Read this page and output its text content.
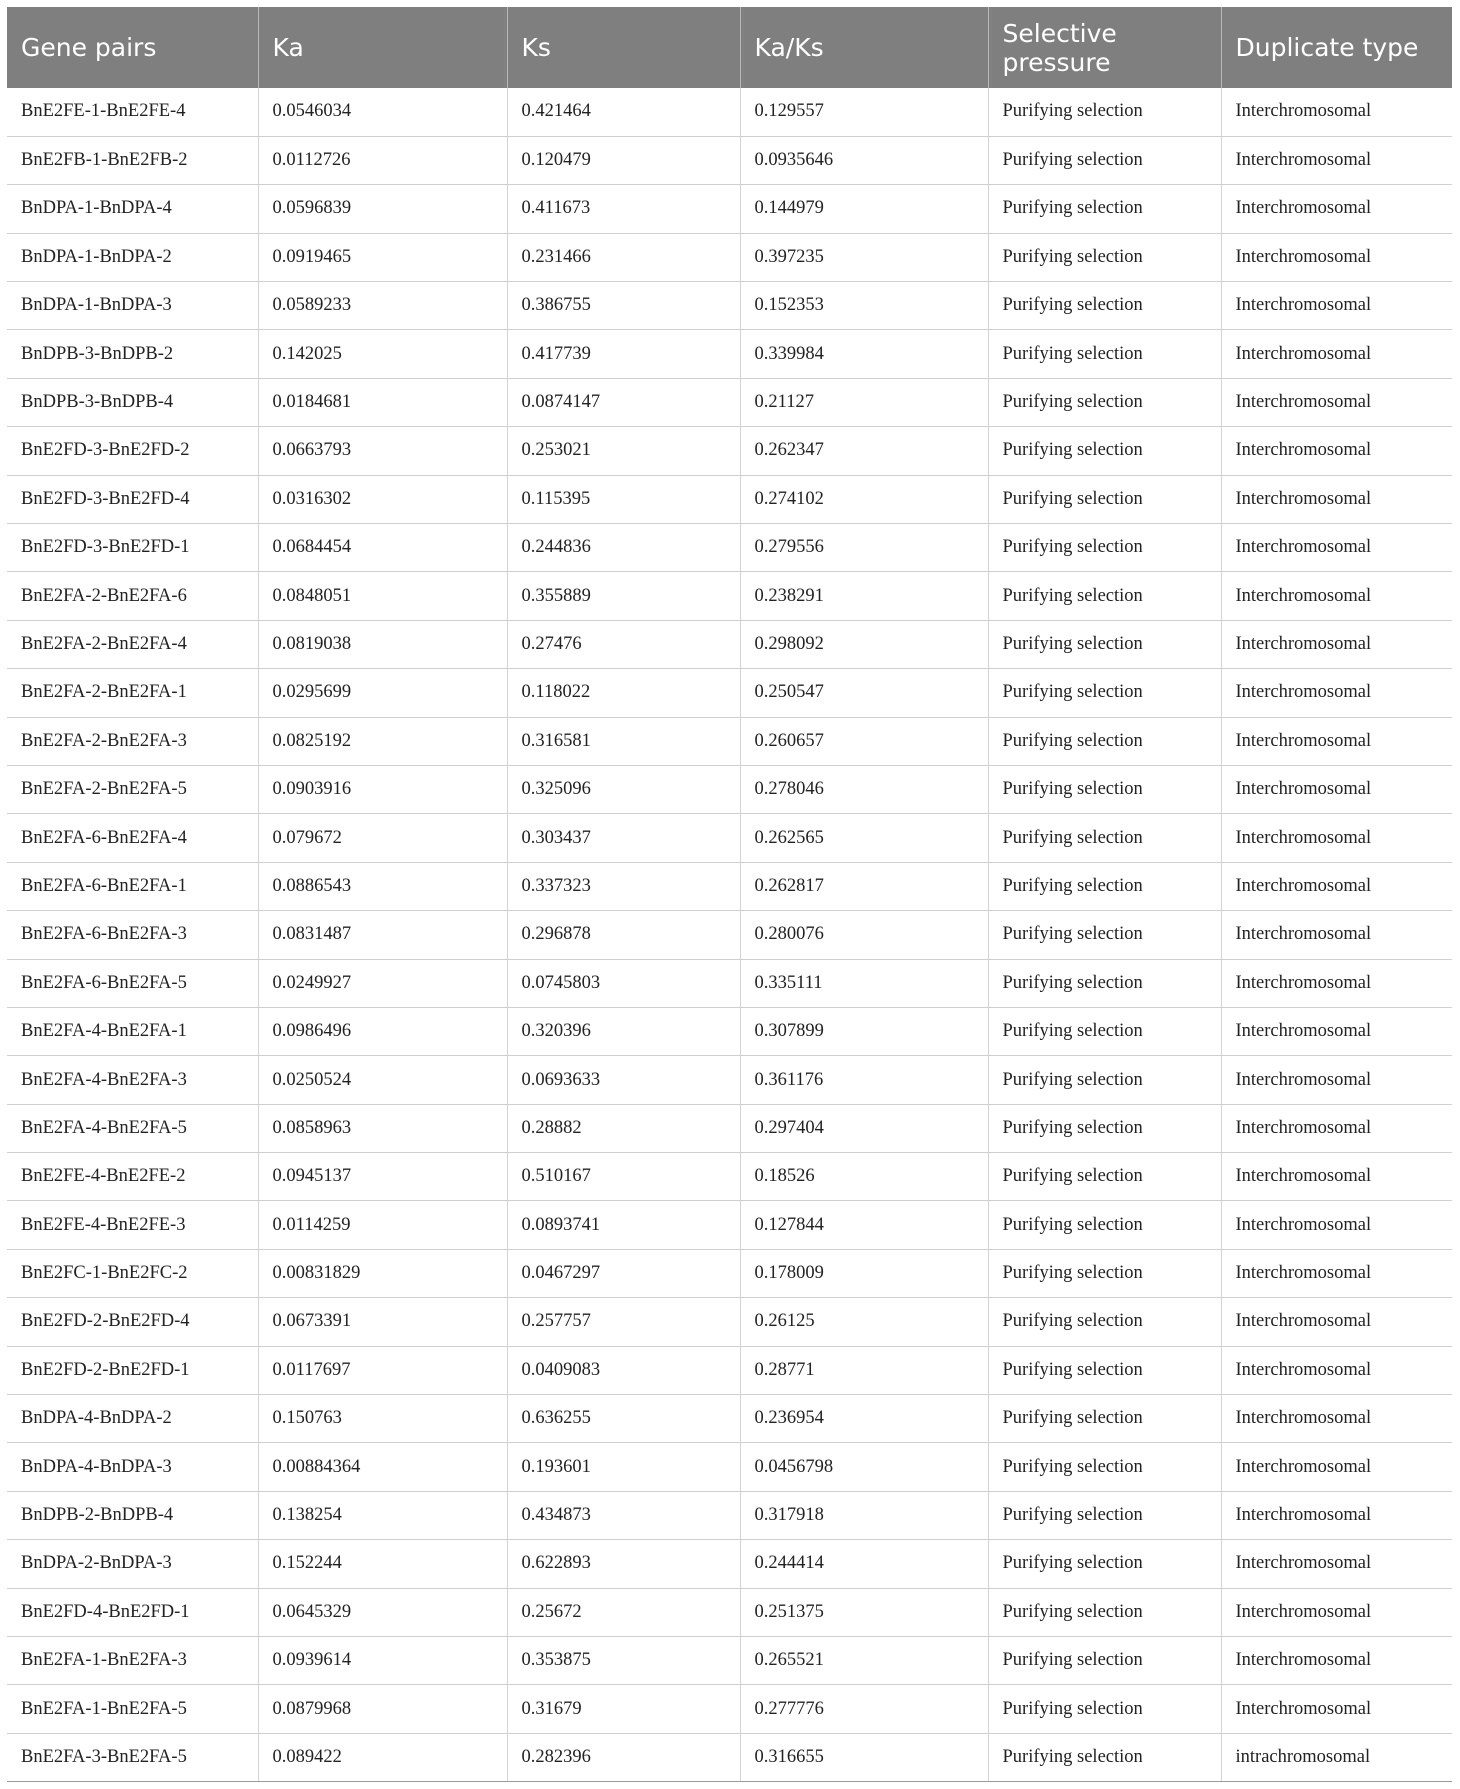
Gene pairs	Ka	Ks	Ka/Ks	Selective pressure	Duplicate type
BnE2FE-1-BnE2FE-4	0.0546034	0.421464	0.129557	Purifying selection	Interchromosomal
BnE2FB-1-BnE2FB-2	0.0112726	0.120479	0.0935646	Purifying selection	Interchromosomal
BnDPA-1-BnDPA-4	0.0596839	0.411673	0.144979	Purifying selection	Interchromosomal
BnDPA-1-BnDPA-2	0.0919465	0.231466	0.397235	Purifying selection	Interchromosomal
BnDPA-1-BnDPA-3	0.0589233	0.386755	0.152353	Purifying selection	Interchromosomal
BnDPB-3-BnDPB-2	0.142025	0.417739	0.339984	Purifying selection	Interchromosomal
BnDPB-3-BnDPB-4	0.0184681	0.0874147	0.21127	Purifying selection	Interchromosomal
BnE2FD-3-BnE2FD-2	0.0663793	0.253021	0.262347	Purifying selection	Interchromosomal
BnE2FD-3-BnE2FD-4	0.0316302	0.115395	0.274102	Purifying selection	Interchromosomal
BnE2FD-3-BnE2FD-1	0.0684454	0.244836	0.279556	Purifying selection	Interchromosomal
BnE2FA-2-BnE2FA-6	0.0848051	0.355889	0.238291	Purifying selection	Interchromosomal
BnE2FA-2-BnE2FA-4	0.0819038	0.27476	0.298092	Purifying selection	Interchromosomal
BnE2FA-2-BnE2FA-1	0.0295699	0.118022	0.250547	Purifying selection	Interchromosomal
BnE2FA-2-BnE2FA-3	0.0825192	0.316581	0.260657	Purifying selection	Interchromosomal
BnE2FA-2-BnE2FA-5	0.0903916	0.325096	0.278046	Purifying selection	Interchromosomal
BnE2FA-6-BnE2FA-4	0.079672	0.303437	0.262565	Purifying selection	Interchromosomal
BnE2FA-6-BnE2FA-1	0.0886543	0.337323	0.262817	Purifying selection	Interchromosomal
BnE2FA-6-BnE2FA-3	0.0831487	0.296878	0.280076	Purifying selection	Interchromosomal
BnE2FA-6-BnE2FA-5	0.0249927	0.0745803	0.335111	Purifying selection	Interchromosomal
BnE2FA-4-BnE2FA-1	0.0986496	0.320396	0.307899	Purifying selection	Interchromosomal
BnE2FA-4-BnE2FA-3	0.0250524	0.0693633	0.361176	Purifying selection	Interchromosomal
BnE2FA-4-BnE2FA-5	0.0858963	0.28882	0.297404	Purifying selection	Interchromosomal
BnE2FE-4-BnE2FE-2	0.0945137	0.510167	0.18526	Purifying selection	Interchromosomal
BnE2FE-4-BnE2FE-3	0.0114259	0.0893741	0.127844	Purifying selection	Interchromosomal
BnE2FC-1-BnE2FC-2	0.00831829	0.0467297	0.178009	Purifying selection	Interchromosomal
BnE2FD-2-BnE2FD-4	0.0673391	0.257757	0.26125	Purifying selection	Interchromosomal
BnE2FD-2-BnE2FD-1	0.0117697	0.0409083	0.28771	Purifying selection	Interchromosomal
BnDPA-4-BnDPA-2	0.150763	0.636255	0.236954	Purifying selection	Interchromosomal
BnDPA-4-BnDPA-3	0.00884364	0.193601	0.0456798	Purifying selection	Interchromosomal
BnDPB-2-BnDPB-4	0.138254	0.434873	0.317918	Purifying selection	Interchromosomal
BnDPA-2-BnDPA-3	0.152244	0.622893	0.244414	Purifying selection	Interchromosomal
BnE2FD-4-BnE2FD-1	0.0645329	0.25672	0.251375	Purifying selection	Interchromosomal
BnE2FA-1-BnE2FA-3	0.0939614	0.353875	0.265521	Purifying selection	Interchromosomal
BnE2FA-1-BnE2FA-5	0.0879968	0.31679	0.277776	Purifying selection	Interchromosomal
BnE2FA-3-BnE2FA-5	0.089422	0.282396	0.316655	Purifying selection	intrachromosomal
